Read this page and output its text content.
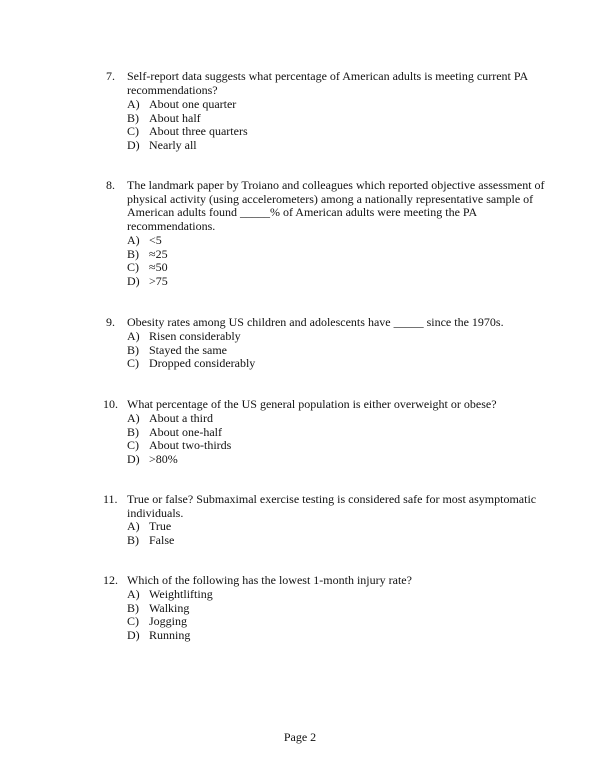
7. Self-report data suggests what percentage of American adults is meeting current PA recommendations?
A) About one quarter
B) About half
C) About three quarters
D) Nearly all
8. The landmark paper by Troiano and colleagues which reported objective assessment of physical activity (using accelerometers) among a nationally representative sample of American adults found _____% of American adults were meeting the PA recommendations.
A) <5
B) ≈25
C) ≈50
D) >75
9. Obesity rates among US children and adolescents have _____ since the 1970s.
A) Risen considerably
B) Stayed the same
C) Dropped considerably
10. What percentage of the US general population is either overweight or obese?
A) About a third
B) About one-half
C) About two-thirds
D) >80%
11. True or false? Submaximal exercise testing is considered safe for most asymptomatic individuals.
A) True
B) False
12. Which of the following has the lowest 1-month injury rate?
A) Weightlifting
B) Walking
C) Jogging
D) Running
Page 2
